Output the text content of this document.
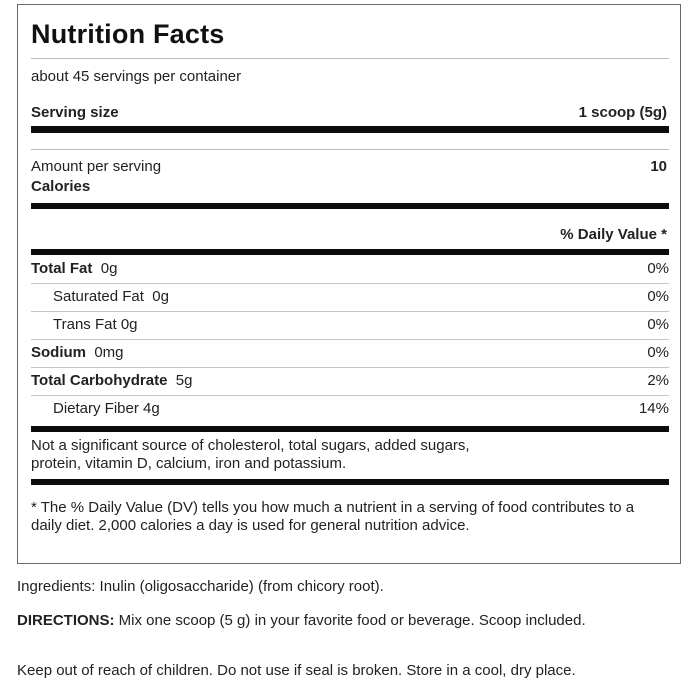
Nutrition Facts
about 45 servings per container
Serving size	1 scoop (5g)
Amount per serving	10
Calories
% Daily Value *
Total Fat 0g	0%
Saturated Fat 0g	0%
Trans Fat 0g	0%
Sodium 0mg	0%
Total Carbohydrate 5g	2%
Dietary Fiber 4g	14%
Not a significant source of cholesterol, total sugars, added sugars, protein, vitamin D, calcium, iron and potassium.
* The % Daily Value (DV) tells you how much a nutrient in a serving of food contributes to a daily diet. 2,000 calories a day is used for general nutrition advice.
Ingredients: Inulin (oligosaccharide) (from chicory root).
DIRECTIONS: Mix one scoop (5 g) in your favorite food or beverage. Scoop included.
Keep out of reach of children. Do not use if seal is broken. Store in a cool, dry place.
